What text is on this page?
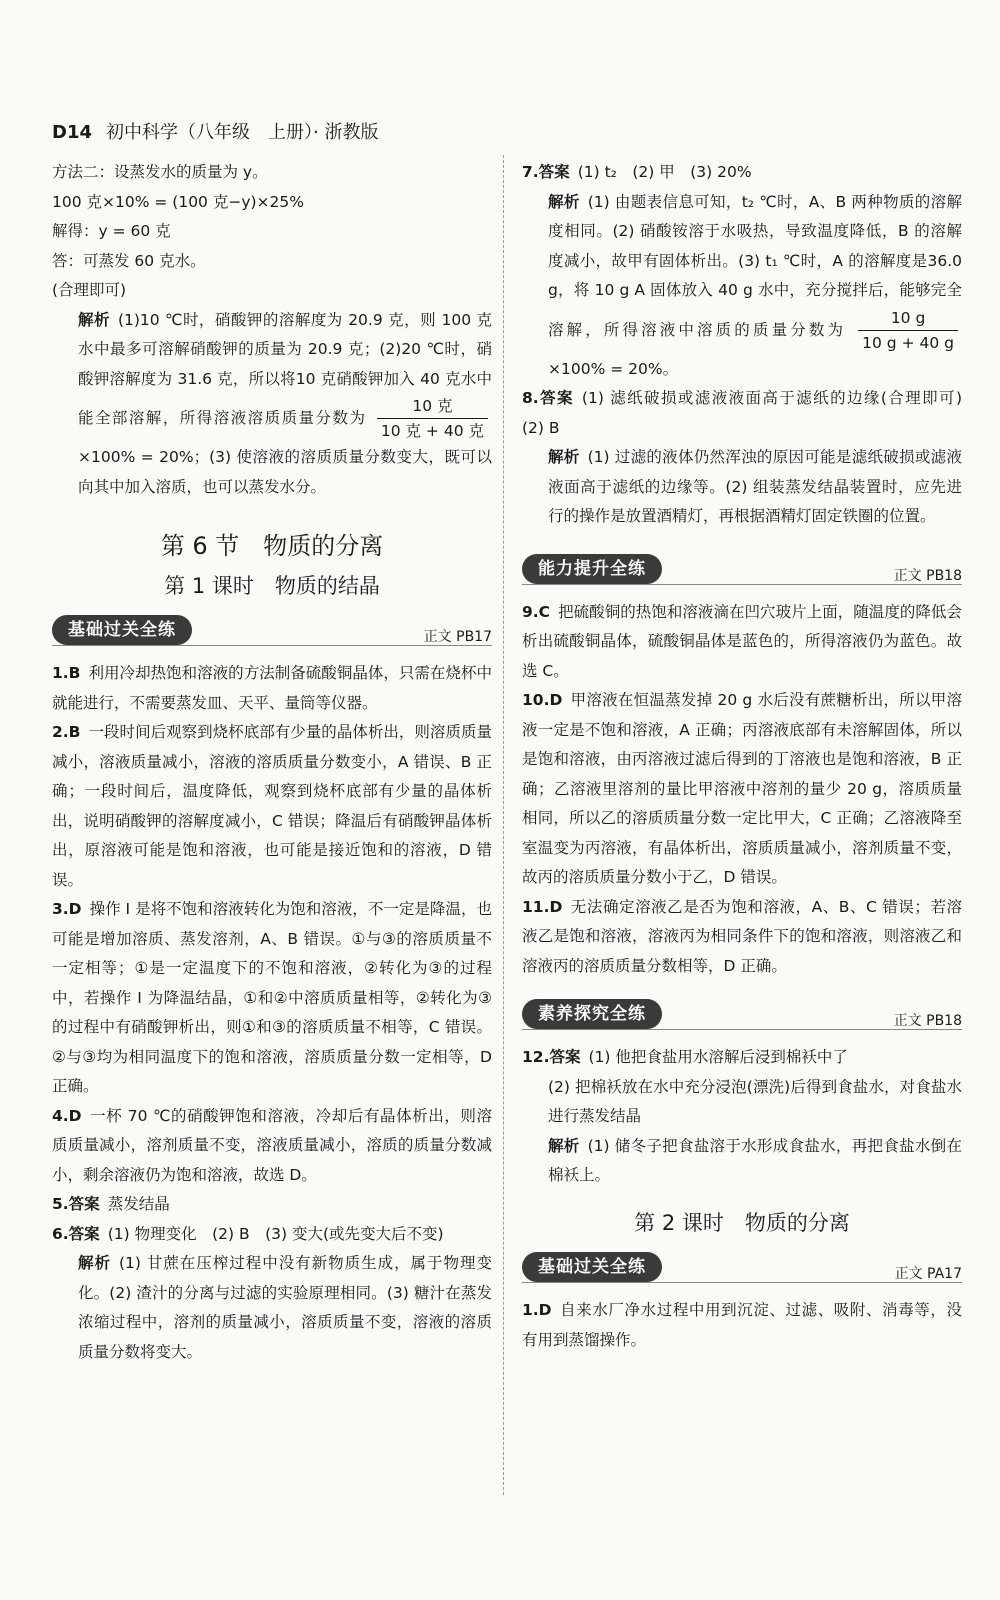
D14 初中科学（八年级　上册）· 浙教版

方法二：设蒸发水的质量为 y。

100 克×10% = (100 克−y)×25%

解得：y = 60 克

答：可蒸发 60 克水。

(合理即可)

解析 (1)10 ℃时，硝酸钾的溶解度为 20.9 克，则 100 克水中最多可溶解硝酸钾的质量为 20.9 克；(2)20 ℃时，硝酸钾溶解度为 31.6 克，所以将10 克硝酸钾加入 40 克水中能全部溶解，所得溶液溶质质量分数为 $\frac{\text{10 克}}{\text{10 克 + 40 克}}$
×100% = 20%；(3) 使溶液的溶质质量分数变大，既可以向其中加入溶质，也可以蒸发水分。

第 6 节　物质的分离
第 1 课时　物质的结晶
基础过关全练	正文 PB17

1.B 利用冷却热饱和溶液的方法制备硫酸铜晶体，只需在烧杯中就能进行，不需要蒸发皿、天平、量筒等仪器。

2.B 一段时间后观察到烧杯底部有少量的晶体析出，则溶质质量减小，溶液质量减小，溶液的溶质质量分数变小，A 错误、B 正确；一段时间后，温度降低，观察到烧杯底部有少量的晶体析出，说明硝酸钾的溶解度减小，C 错误；降温后有硝酸钾晶体析出，原溶液可能是饱和溶液，也可能是接近饱和的溶液，D 错误。

3.D 操作 Ⅰ 是将不饱和溶液转化为饱和溶液，不一定是降温，也可能是增加溶质、蒸发溶剂，A、B 错误。①与③的溶质质量不一定相等；①是一定温度下的不饱和溶液，②转化为③的过程中，若操作 Ⅰ 为降温结晶，①和②中溶质质量相等，②转化为③的过程中有硝酸钾析出，则①和③的溶质质量不相等，C 错误。②与③均为相同温度下的饱和溶液，溶质质量分数一定相等，D 正确。

4.D 一杯 70 ℃的硝酸钾饱和溶液，冷却后有晶体析出，则溶质质量减小，溶剂质量不变，溶液质量减小，溶质的质量分数减小，剩余溶液仍为饱和溶液，故选 D。

5.答案 蒸发结晶

6.答案 (1) 物理变化　(2) B　(3) 变大(或先变大后不变)

解析 (1) 甘蔗在压榨过程中没有新物质生成，属于物理变化。(2) 渣汁的分离与过滤的实验原理相同。(3) 糖汁在蒸发浓缩过程中，溶剂的质量减小，溶质质量不变，溶液的溶质质量分数将变大。

7.答案 (1) t₂　(2) 甲　(3) 20%

解析 (1) 由题表信息可知，t₂ ℃时，A、B 两种物质的溶解度相同。(2) 硝酸铵溶于水吸热，导致温度降低，B 的溶解度减小，故甲有固体析出。(3) t₁ ℃时，A 的溶解度是36.0 g，将 10 g A 固体放入 40 g 水中，充分搅拌后，能够完全溶解，所得溶液中溶质的质量分数为 $\frac{10 g}{10 g + 40 g}$
×100% = 20%。

8.答案 (1) 滤纸破损或滤液液面高于滤纸的边缘(合理即可)　(2) B

解析 (1) 过滤的液体仍然浑浊的原因可能是滤纸破损或滤液液面高于滤纸的边缘等。(2) 组装蒸发结晶装置时，应先进行的操作是放置酒精灯，再根据酒精灯固定铁圈的位置。

能力提升全练	正文 PB18

9.C 把硫酸铜的热饱和溶液滴在凹穴玻片上面，随温度的降低会析出硫酸铜晶体，硫酸铜晶体是蓝色的，所得溶液仍为蓝色。故选 C。

10.D 甲溶液在恒温蒸发掉 20 g 水后没有蔗糖析出，所以甲溶液一定是不饱和溶液，A 正确；丙溶液底部有未溶解固体，所以是饱和溶液，由丙溶液过滤后得到的丁溶液也是饱和溶液，B 正确；乙溶液里溶剂的量比甲溶液中溶剂的量少 20 g，溶质质量相同，所以乙的溶质质量分数一定比甲大，C 正确；乙溶液降至室温变为丙溶液，有晶体析出，溶质质量减小，溶剂质量不变，故丙的溶质质量分数小于乙，D 错误。

11.D 无法确定溶液乙是否为饱和溶液，A、B、C 错误；若溶液乙是饱和溶液，溶液丙为相同条件下的饱和溶液，则溶液乙和溶液丙的溶质质量分数相等，D 正确。

素养探究全练	正文 PB18

12.答案 (1) 他把食盐用水溶解后浸到棉袄中了

(2) 把棉袄放在水中充分浸泡(漂洗)后得到食盐水，对食盐水进行蒸发结晶

解析 (1) 储冬子把食盐溶于水形成食盐水，再把食盐水倒在棉袄上。

第 2 课时　物质的分离
基础过关全练	正文 PA17

1.D 自来水厂净水过程中用到沉淀、过滤、吸附、消毒等，没有用到蒸馏操作。
